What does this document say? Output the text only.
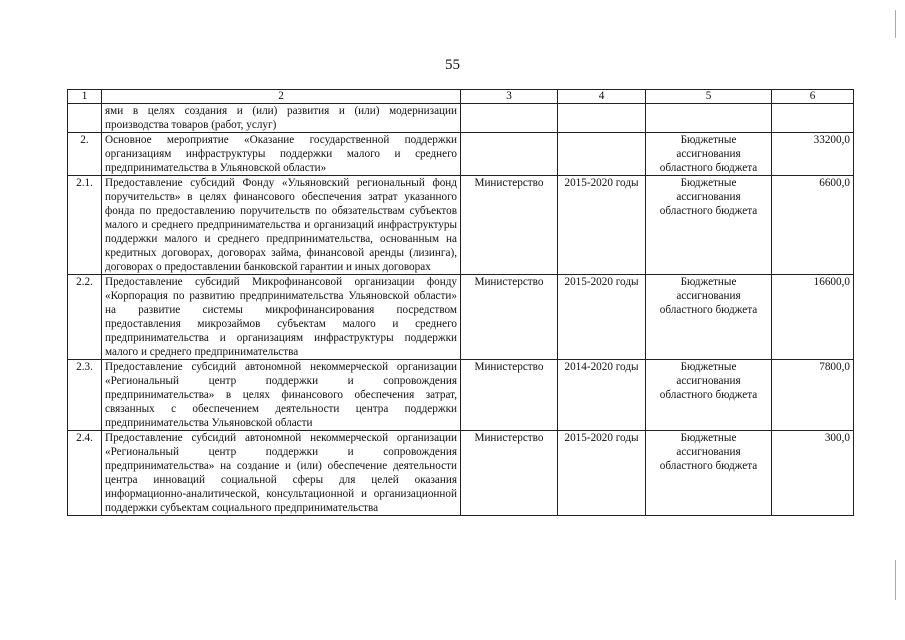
55
1	2	3	4	5	6
	ями в целях создания и (или) развития и (или) модернизации производства товаров (работ, услуг)				
2.	Основное мероприятие «Оказание государственной поддержки организациям инфраструктуры поддержки малого и среднего предпринимательства в Ульяновской области»			Бюджетные ассигнования областного бюджета	33200,0
2.1.	Предоставление субсидий Фонду «Ульяновский региональный фонд поручительств» в целях финансового обеспечения затрат указанного фонда по предоставлению поручительств по обязательствам субъектов малого и среднего предпринимательства и организаций инфраструктуры поддержки малого и среднего предпринимательства, основанным на кредитных договорах, договорах займа, финансовой аренды (лизинга), договорах о предоставлении банковской гарантии и иных договорах	Министерство	2015-2020 годы	Бюджетные ассигнования областного бюджета	6600,0
2.2.	Предоставление субсидий Микрофинансовой организации фонду «Корпорация по развитию предпринимательства Ульяновской области» на развитие системы микрофинансирования посредством предоставления микрозаймов субъектам малого и среднего предпринимательства и организациям инфраструктуры поддержки малого и среднего предпринимательства	Министерство	2015-2020 годы	Бюджетные ассигнования областного бюджета	16600,0
2.3.	Предоставление субсидий автономной некоммерческой организации «Региональный центр поддержки и сопровождения предпринимательства» в целях финансового обеспечения затрат, связанных с обеспечением деятельности центра поддержки предпринимательства Ульяновской области	Министерство	2014-2020 годы	Бюджетные ассигнования областного бюджета	7800,0
2.4.	Предоставление субсидий автономной некоммерческой организации «Региональный центр поддержки и сопровождения предпринимательства» на создание и (или) обеспечение деятельности центра инноваций социальной сферы для целей оказания информационно-аналитической, консультационной и организационной поддержки субъектам социального предпринимательства	Министерство	2015-2020 годы	Бюджетные ассигнования областного бюджета	300,0
